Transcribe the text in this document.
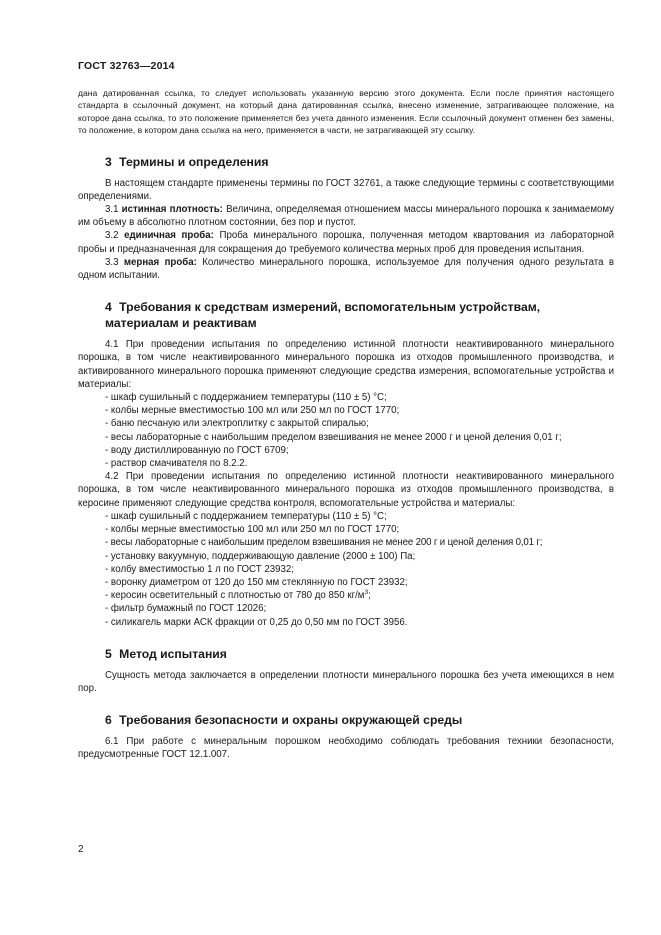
ГОСТ 32763—2014

дана датированная ссылка, то следует использовать указанную версию этого документа. Если после принятия настоящего стандарта в ссылочный документ, на который дана датированная ссылка, внесено изменение, затрагивающее положение, на которое дана ссылка, то это положение применяется без учета данного изменения. Если ссылочный документ отменен без замены, то положение, в котором дана ссылка на него, применяется в части, не затрагивающей эту ссылку.

3 Термины и определения

В настоящем стандарте применены термины по ГОСТ 32761, а также следующие термины с соответствующими определениями.

3.1 истинная плотность: Величина, определяемая отношением массы минерального порошка к занимаемому им объему в абсолютно плотном состоянии, без пор и пустот.

3.2 единичная проба: Проба минерального порошка, полученная методом квартования из лабораторной пробы и предназначенная для сокращения до требуемого количества мерных проб для проведения испытания.

3.3 мерная проба: Количество минерального порошка, используемое для получения одного результата в одном испытании.

4 Требования к средствам измерений, вспомогательным устройствам,
материалам и реактивам

4.1 При проведении испытания по определению истинной плотности неактивированного минерального порошка, в том числе неактивированного минерального порошка из отходов промышленного производства, и активированного минерального порошка применяют следующие средства измерения, вспомогательные устройства и материалы:

- шкаф сушильный с поддержанием температуры (110 ± 5) °C;

- колбы мерные вместимостью 100 мл или 250 мл по ГОСТ 1770;

- баню песчаную или электроплитку с закрытой спиралью;

- весы лабораторные с наибольшим пределом взвешивания не менее 2000 г и ценой деления 0,01 г;

- воду дистиллированную по ГОСТ 6709;

- раствор смачивателя по 8.2.2.

4.2 При проведении испытания по определению истинной плотности неактивированного минерального порошка, в том числе неактивированного минерального порошка из отходов промышленного производства, в керосине применяют следующие средства контроля, вспомогательные устройства и материалы:

- шкаф сушильный с поддержанием температуры (110 ± 5) °C;

- колбы мерные вместимостью 100 мл или 250 мл по ГОСТ 1770;

- весы лабораторные с наибольшим пределом взвешивания не менее 200 г и ценой деления 0,01 г;

- установку вакуумную, поддерживающую давление (2000 ± 100) Па;

- колбу вместимостью 1 л по ГОСТ 23932;

- воронку диаметром от 120 до 150 мм стеклянную по ГОСТ 23932;

- керосин осветительный с плотностью от 780 до 850 $кг/м^3$;

- фильтр бумажный по ГОСТ 12026;

- силикагель марки АСК фракции от 0,25 до 0,50 мм по ГОСТ 3956.

5 Метод испытания

Сущность метода заключается в определении плотности минерального порошка без учета имеющихся в нем пор.

6 Требования безопасности и охраны окружающей среды

6.1 При работе с минеральным порошком необходимо соблюдать требования техники безопасности, предусмотренные ГОСТ 12.1.007.

2
